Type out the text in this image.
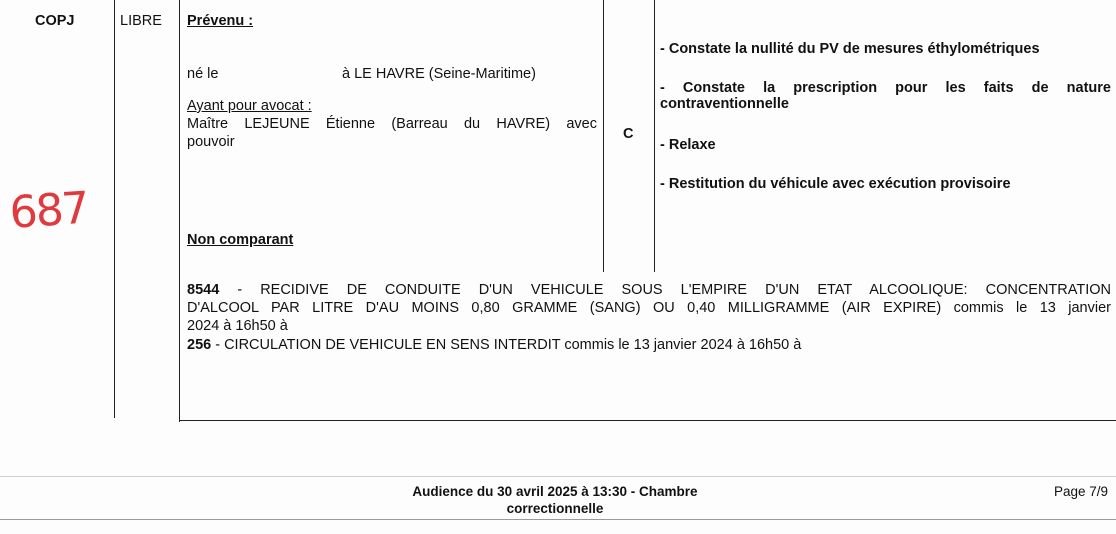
COPJ	LIBRE
687
Prévenu :
né le	à LE HAVRE (Seine-Maritime)
Ayant pour avocat :
Maître LEJEUNE Étienne (Barreau du HAVRE) avec
pouvoir
Non comparant
C
- Constate la nullité du PV de mesures éthylométriques
- Constate la prescription pour les faits de nature contraventionnelle
- Relaxe
- Restitution du véhicule avec exécution provisoire
8544 - RECIDIVE DE CONDUITE D'UN VEHICULE SOUS L'EMPIRE D'UN ETAT ALCOOLIQUE: CONCENTRATION
D'ALCOOL PAR LITRE D'AU MOINS 0,80 GRAMME (SANG) OU 0,40 MILLIGRAMME (AIR EXPIRE) commis le 13 janvier
2024 à 16h50 à
256 - CIRCULATION DE VEHICULE EN SENS INTERDIT commis le 13 janvier 2024 à 16h50 à
Audience du 30 avril 2025 à 13:30 - Chambre
correctionnelle
Page 7/9
